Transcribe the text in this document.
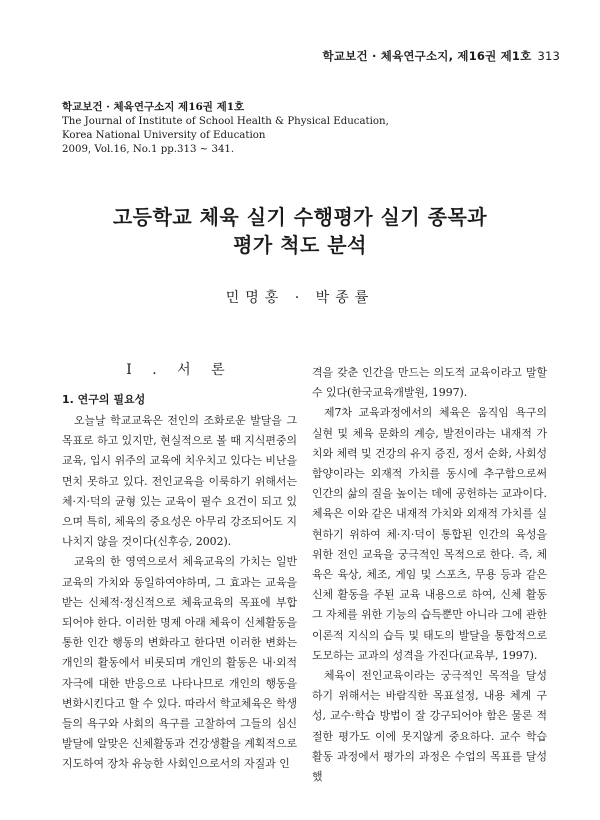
학교보건 · 체육연구소지, 제16권 제1호 313
학교보건 · 체육연구소지 제16권 제1호
The Journal of Institute of School Health & Physical Education,
Korea National University of Education
2009, Vol.16, No.1 pp.313 ~ 341.
고등학교 체육 실기 수행평가 실기 종목과
평가 척도 분석
민명홍 · 박종률
I . 서 론
1. 연구의 필요성

오늘날 학교교육은 전인의 조화로운 발달을 그 목표로 하고 있지만, 현실적으로 볼 때 지식편중의 교육, 입시 위주의 교육에 치우치고 있다는 비난을 면치 못하고 있다. 전인교육을 이룩하기 위해서는 체·지·덕의 균형 있는 교육이 필수 요건이 되고 있으며 특히, 체육의 중요성은 아무리 강조되어도 지나치지 않을 것이다(신후승, 2002).

교육의 한 영역으로서 체육교육의 가치는 일반 교육의 가치와 동일하여야하며, 그 효과는 교육을 받는 신체적·정신적으로 체육교육의 목표에 부합되어야 한다. 이러한 명제 아래 체육이 신체활동을 통한 인간 행동의 변화라고 한다면 이러한 변화는 개인의 활동에서 비롯되며 개인의 활동은 내·외적 자극에 대한 반응으로 나타나므로 개인의 행동을 변화시킨다고 할 수 있다. 따라서 학교체육은 학생들의 욕구와 사회의 욕구를 고찰하여 그들의 심신 발달에 알맞은 신체활동과 건강생활을 계획적으로 지도하여 장차 유능한 사회인으로서의 자질과 인

격을 갖춘 인간을 만드는 의도적 교육이라고 말할 수 있다(한국교육개발원, 1997).

제7차 교육과정에서의 체육은 움직임 욕구의 실현 및 체육 문화의 계승, 발전이라는 내재적 가치와 체력 및 건강의 유지 증진, 정서 순화, 사회성 함양이라는 외재적 가치를 동시에 추구함으로써 인간의 삶의 질을 높이는 데에 공헌하는 교과이다. 체육은 이와 같은 내재적 가치와 외재적 가치를 실현하기 위하여 체·지·덕이 통합된 인간의 육성을 위한 전인 교육을 궁극적인 목적으로 한다. 즉, 체육은 육상, 체조, 게임 및 스포츠, 무용 등과 같은 신체 활동을 주된 교육 내용으로 하여, 신체 활동 그 자체를 위한 기능의 습득뿐만 아니라 그에 관한 이론적 지식의 습득 및 태도의 발달을 통합적으로 도모하는 교과의 성격을 가진다(교육부, 1997).

체육이 전인교육이라는 궁극적인 목적을 달성하기 위해서는 바람직한 목표설정, 내용 체계 구성, 교수·학습 방법이 잘 강구되어야 함은 물론 적절한 평가도 이에 못지않게 중요하다. 교수 학습 활동 과정에서 평가의 과정은 수업의 목표를 달성했
